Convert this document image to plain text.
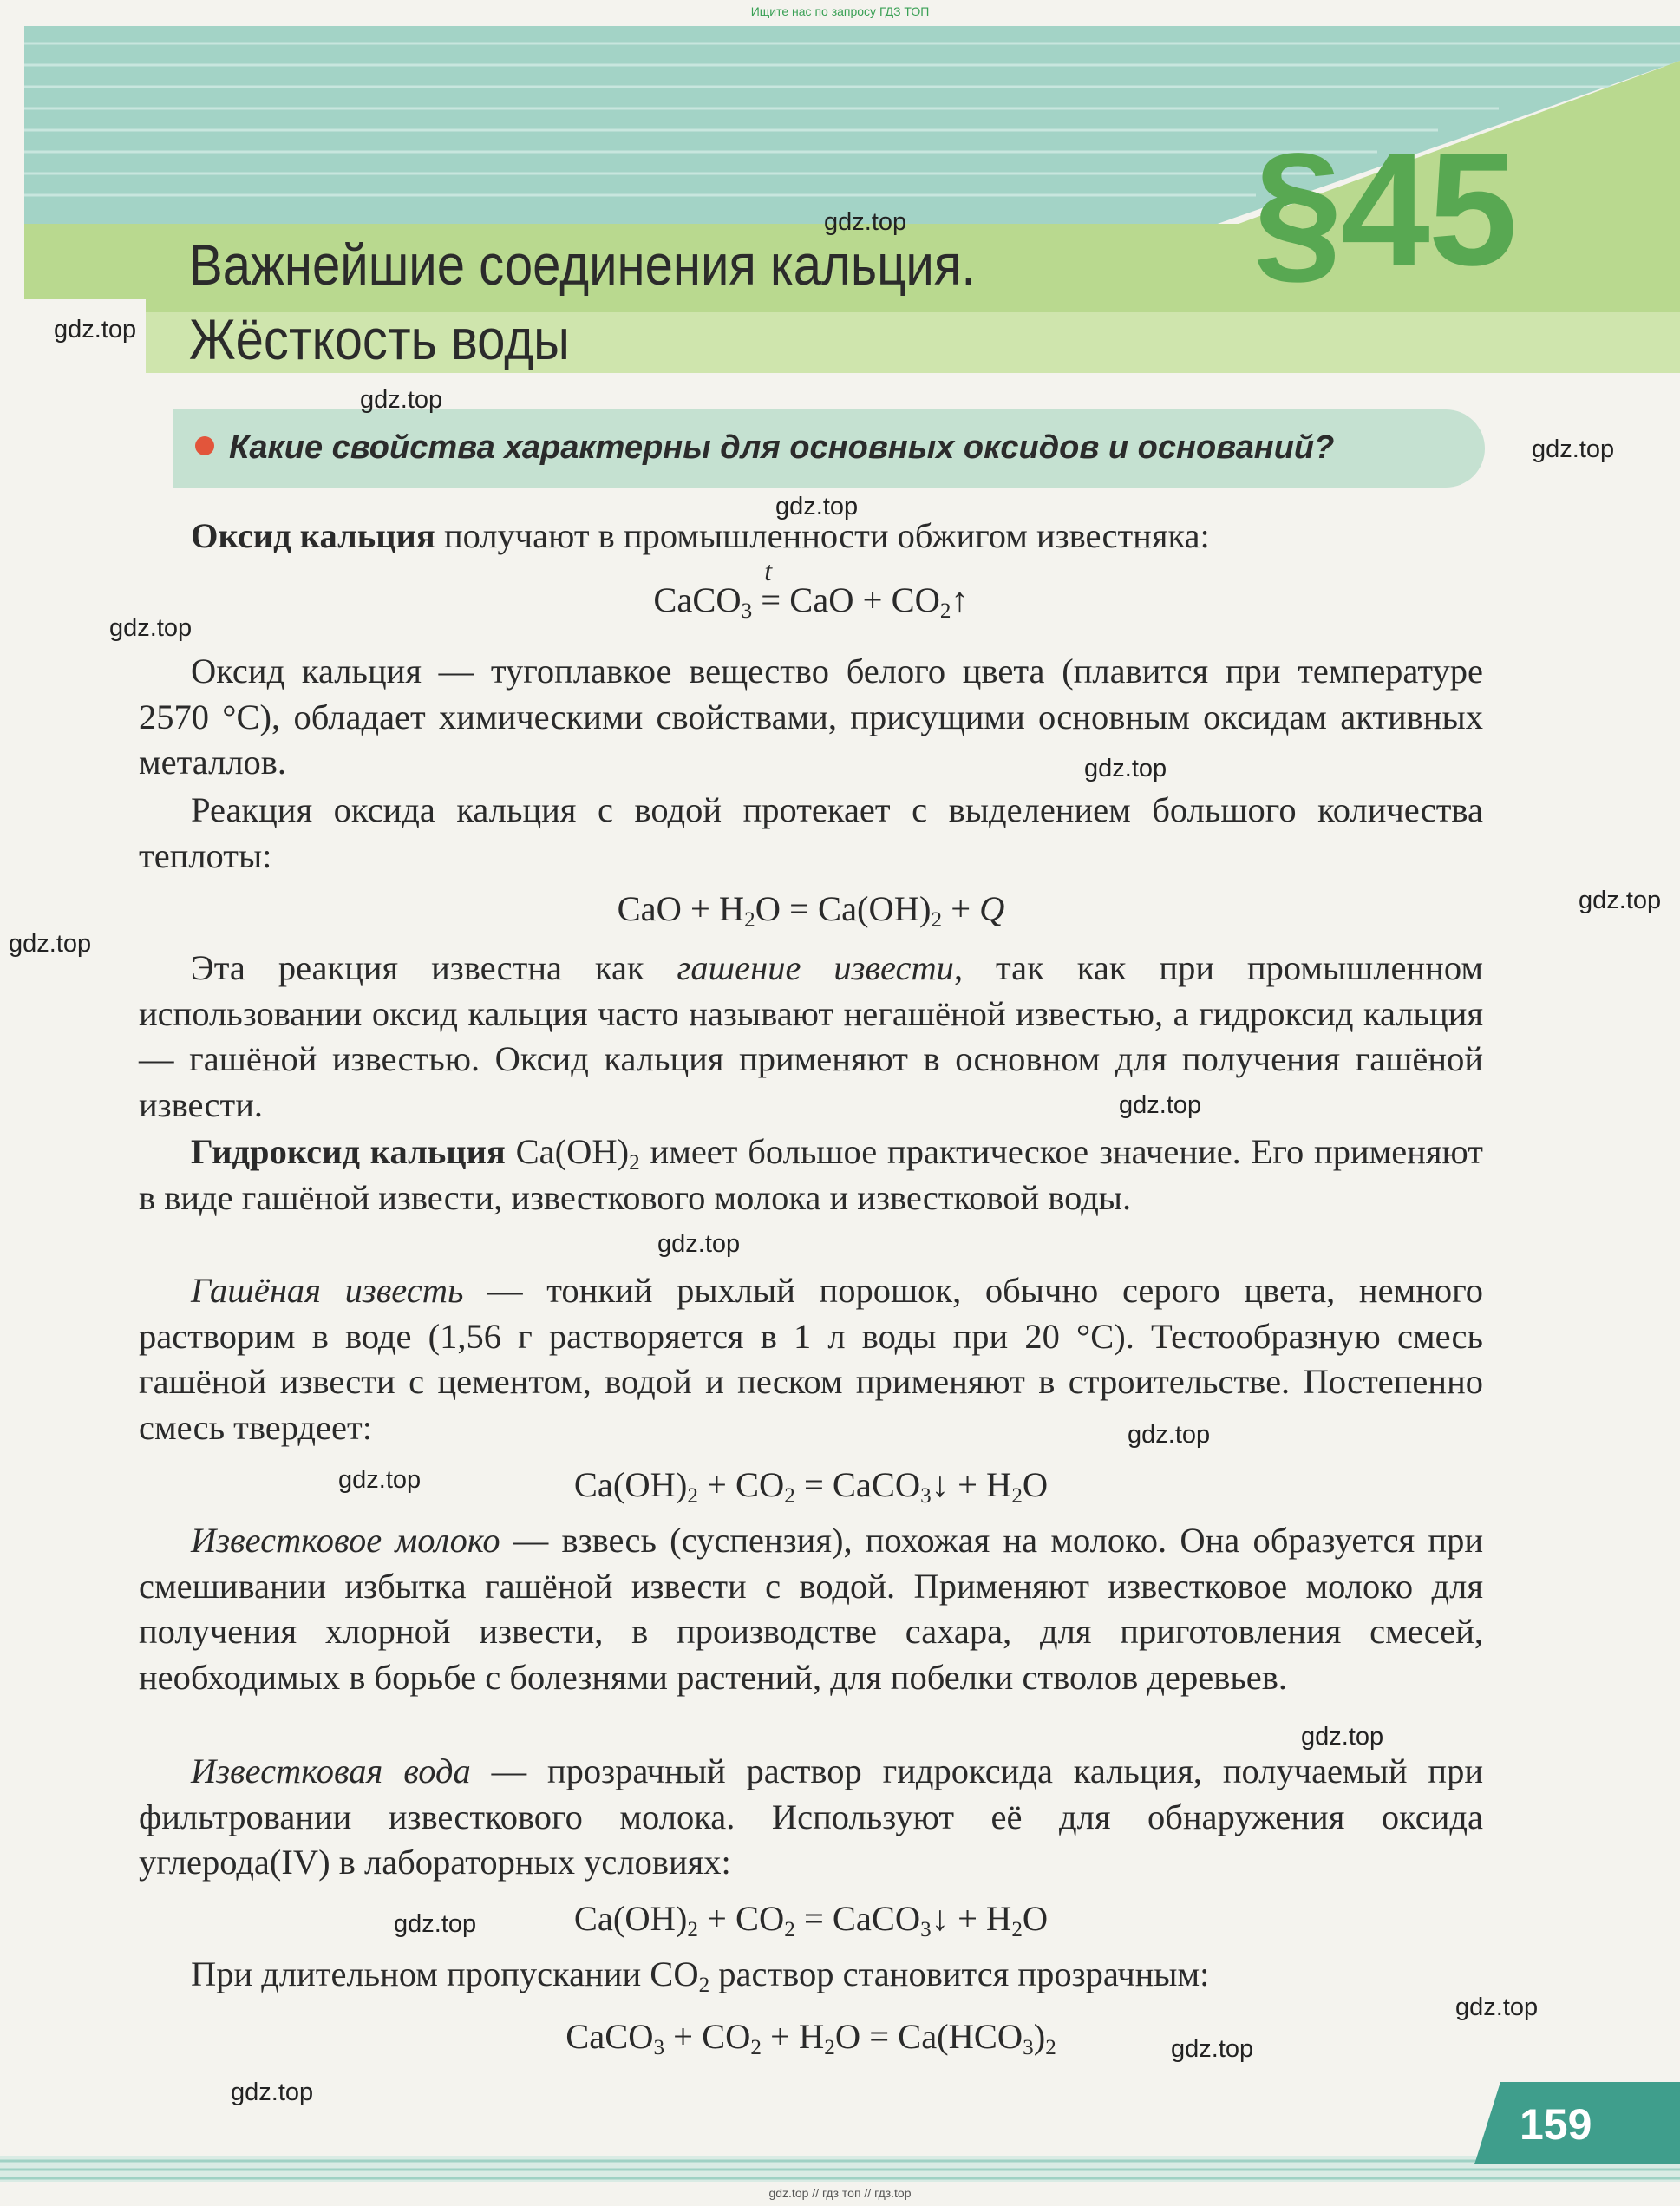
Ищите нас по запросу ГДЗ ТОП
§45
Важнейшие соединения кальция.
Жёсткость воды
Какие свойства характерны для основных оксидов и оснований?
Оксид кальция получают в промышленности обжигом известняка:
CaCO$_3$
t
= CaO + $CO_2↑$
Оксид кальция — тугоплавкое вещество белого цвета (плавится при температуре 2570 °С), обладает химическими свойствами, присущими основным оксидам активных металлов.
Реакция оксида кальция с водой протекает с выделением большого количества теплоты:
CaO + $H_2O = Ca(OH)_2 + Q$
Эта реакция известна как гашение извести, так как при промышленном использовании оксид кальция часто называют негашёной известью, а гидроксид кальция — гашёной известью. Оксид кальция применяют в основном для получения гашёной извести.
Гидроксид кальция $Ca(OH)_2$ имеет большое практическое значение. Его применяют в виде гашёной извести, известкового молока и известковой воды.
Гашёная известь — тонкий рыхлый порошок, обычно серого цвета, немного растворим в воде (1,56 г растворяется в 1 л воды при 20 °С). Тестообразную смесь гашёной извести с цементом, водой и песком применяют в строительстве. Постепенно смесь твердеет:
$Ca(OH)_2 + CO_2$ = CaCO$_3$↓ + $H_2O$
Известковое молоко — взвесь (суспензия), похожая на молоко. Она образуется при смешивании избытка гашёной извести с водой. Применяют известковое молоко для получения хлорной извести, в производстве сахара, для приготовления смесей, необходимых в борьбе с болезнями растений, для побелки стволов деревьев.
Известковая вода — прозрачный раствор гидроксида кальция, получаемый при фильтровании известкового молока. Используют её для обнаружения оксида углерода(IV) в лабораторных условиях:
$Ca(OH)_2 + CO_2$ = CaCO$_3$↓ + $H_2O$
При длительном пропускании $CO_2$ раствор становится прозрачным:
CaCO$_3$ + $CO_2 + H_2O = Ca(HCO_3)_2$
159
gdz.top
gdz.top
gdz.top
gdz.top
gdz.top
gdz.top
gdz.top
gdz.top
gdz.top
gdz.top
gdz.top
gdz.top
gdz.top
gdz.top
gdz.top
gdz.top
gdz.top
gdz.top
gdz.top // гдз топ // гдз.top
